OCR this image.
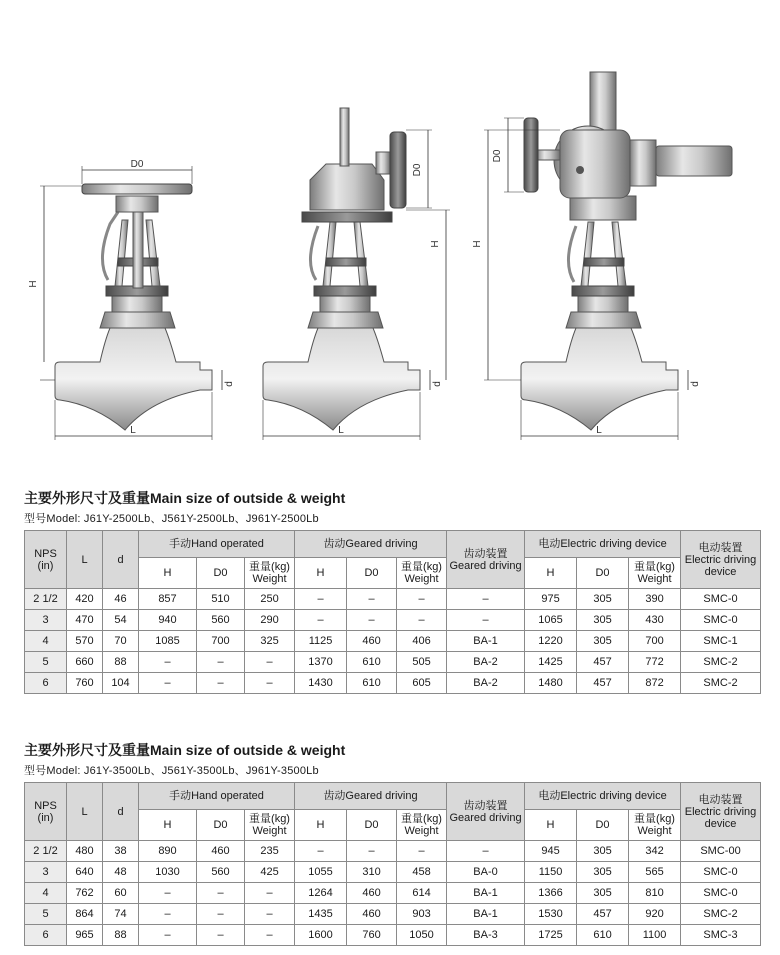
D0
H
d
L
D0
H
d
L
D0
H
d
L
主要外形尺寸及重量Main size of outside & weight
型号Model: J61Y-2500Lb、J561Y-2500Lb、J961Y-2500Lb
NPS (in)	L	d	手动Hand operated			齿动Geared driving			齿动装置 Geared driving	电动Electric driving device			电动装置 Electric driving device
			H	D0	重量(kg) Weight	H	D0	重量(kg) Weight		H	D0	重量(kg) Weight	
2 1/2	420	46	857	510	250	–	–	–	–	975	305	390	SMC-0
3	470	54	940	560	290	–	–	–	–	1065	305	430	SMC-0
4	570	70	1085	700	325	1125	460	406	BA-1	1220	305	700	SMC-1
5	660	88	–	–	–	1370	610	505	BA-2	1425	457	772	SMC-2
6	760	104	–	–	–	1430	610	605	BA-2	1480	457	872	SMC-2
主要外形尺寸及重量Main size of outside & weight
型号Model: J61Y-3500Lb、J561Y-3500Lb、J961Y-3500Lb
NPS (in)	L	d	手动Hand operated			齿动Geared driving			齿动装置 Geared driving	电动Electric driving device			电动装置 Electric driving device
			H	D0	重量(kg) Weight	H	D0	重量(kg) Weight		H	D0	重量(kg) Weight	
2 1/2	480	38	890	460	235	–	–	–	–	945	305	342	SMC-00
3	640	48	1030	560	425	1055	310	458	BA-0	1150	305	565	SMC-0
4	762	60	–	–	–	1264	460	614	BA-1	1366	305	810	SMC-0
5	864	74	–	–	–	1435	460	903	BA-1	1530	457	920	SMC-2
6	965	88	–	–	–	1600	760	1050	BA-3	1725	610	1100	SMC-3
